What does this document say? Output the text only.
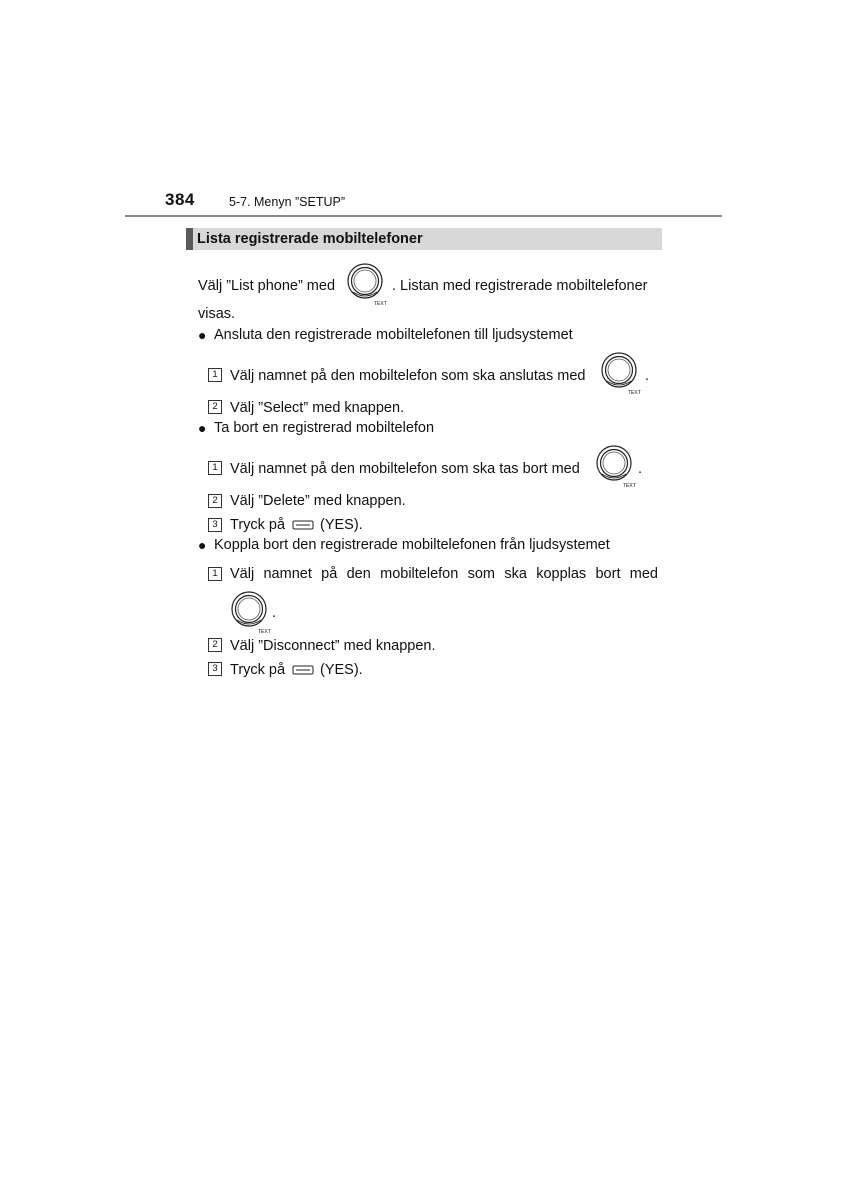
384	5-7. Menyn ”SETUP”
Lista registrerade mobiltelefoner
Välj ”List phone” med
TEXT
. Listan med registrerade mobiltelefoner
visas.
● Ansluta den registrerade mobiltelefonen till ljudsystemet
1 Välj namnet på den mobiltelefon som ska anslutas med
TEXT
.
2 Välj ”Select” med knappen.
● Ta bort en registrerad mobiltelefon
1 Välj namnet på den mobiltelefon som ska tas bort med
TEXT
.
2 Välj ”Delete” med knappen.
3 Tryck på (YES).
● Koppla bort den registrerade mobiltelefonen från ljudsystemet
1 Välj namnet på den mobiltelefon som ska kopplas bort med
TEXT
.
2 Välj ”Disconnect” med knappen.
3 Tryck på (YES).
